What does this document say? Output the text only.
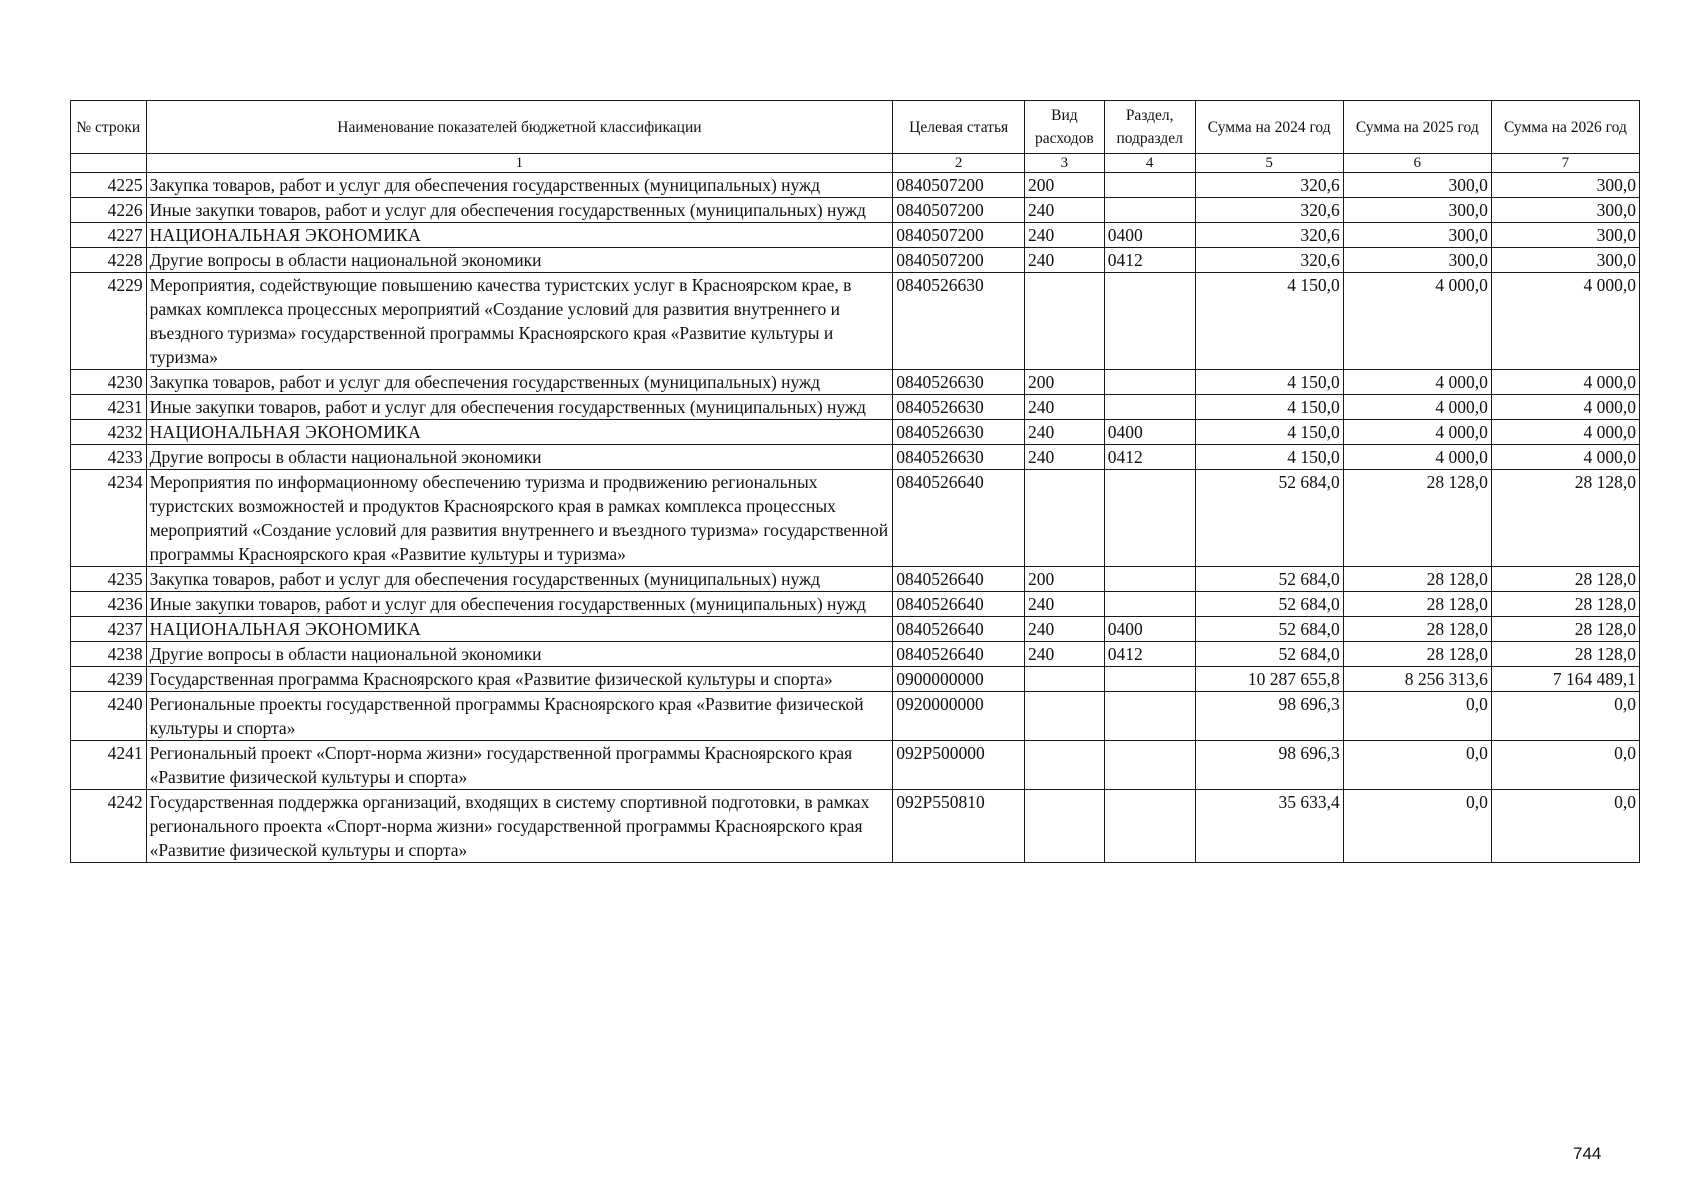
№ строки	Наименование показателей бюджетной классификации	Целевая статья	Вид расходов	Раздел, подраздел	Сумма на 2024 год	Сумма на 2025 год	Сумма на 2026 год
	1	2	3	4	5	6	7
4225	Закупка товаров, работ и услуг для обеспечения государственных (муниципальных) нужд	0840507200	200		320,6	300,0	300,0
4226	Иные закупки товаров, работ и услуг для обеспечения государственных (муниципальных) нужд	0840507200	240		320,6	300,0	300,0
4227	НАЦИОНАЛЬНАЯ ЭКОНОМИКА	0840507200	240	0400	320,6	300,0	300,0
4228	Другие вопросы в области национальной экономики	0840507200	240	0412	320,6	300,0	300,0
4229	Мероприятия, содействующие повышению качества туристских услуг в Красноярском крае, в рамках комплекса процессных мероприятий «Создание условий для развития внутреннего и въездного туризма» государственной программы Красноярского края «Развитие культуры и туризма»	0840526630			4 150,0	4 000,0	4 000,0
4230	Закупка товаров, работ и услуг для обеспечения государственных (муниципальных) нужд	0840526630	200		4 150,0	4 000,0	4 000,0
4231	Иные закупки товаров, работ и услуг для обеспечения государственных (муниципальных) нужд	0840526630	240		4 150,0	4 000,0	4 000,0
4232	НАЦИОНАЛЬНАЯ ЭКОНОМИКА	0840526630	240	0400	4 150,0	4 000,0	4 000,0
4233	Другие вопросы в области национальной экономики	0840526630	240	0412	4 150,0	4 000,0	4 000,0
4234	Мероприятия по информационному обеспечению туризма и продвижению региональных туристских возможностей и продуктов Красноярского края в рамках комплекса процессных мероприятий «Создание условий для развития внутреннего и въездного туризма» государственной программы Красноярского края «Развитие культуры и туризма»	0840526640			52 684,0	28 128,0	28 128,0
4235	Закупка товаров, работ и услуг для обеспечения государственных (муниципальных) нужд	0840526640	200		52 684,0	28 128,0	28 128,0
4236	Иные закупки товаров, работ и услуг для обеспечения государственных (муниципальных) нужд	0840526640	240		52 684,0	28 128,0	28 128,0
4237	НАЦИОНАЛЬНАЯ ЭКОНОМИКА	0840526640	240	0400	52 684,0	28 128,0	28 128,0
4238	Другие вопросы в области национальной экономики	0840526640	240	0412	52 684,0	28 128,0	28 128,0
4239	Государственная программа Красноярского края «Развитие физической культуры и спорта»	0900000000			10 287 655,8	8 256 313,6	7 164 489,1
4240	Региональные проекты государственной программы Красноярского края «Развитие физической культуры и спорта»	0920000000			98 696,3	0,0	0,0
4241	Региональный проект «Спорт-норма жизни» государственной программы Красноярского края «Развитие физической культуры и спорта»	092P500000			98 696,3	0,0	0,0
4242	Государственная поддержка организаций, входящих в систему спортивной подготовки, в рамках регионального проекта «Спорт-норма жизни» государственной программы Красноярского края «Развитие физической культуры и спорта»	092P550810			35 633,4	0,0	0,0
744
